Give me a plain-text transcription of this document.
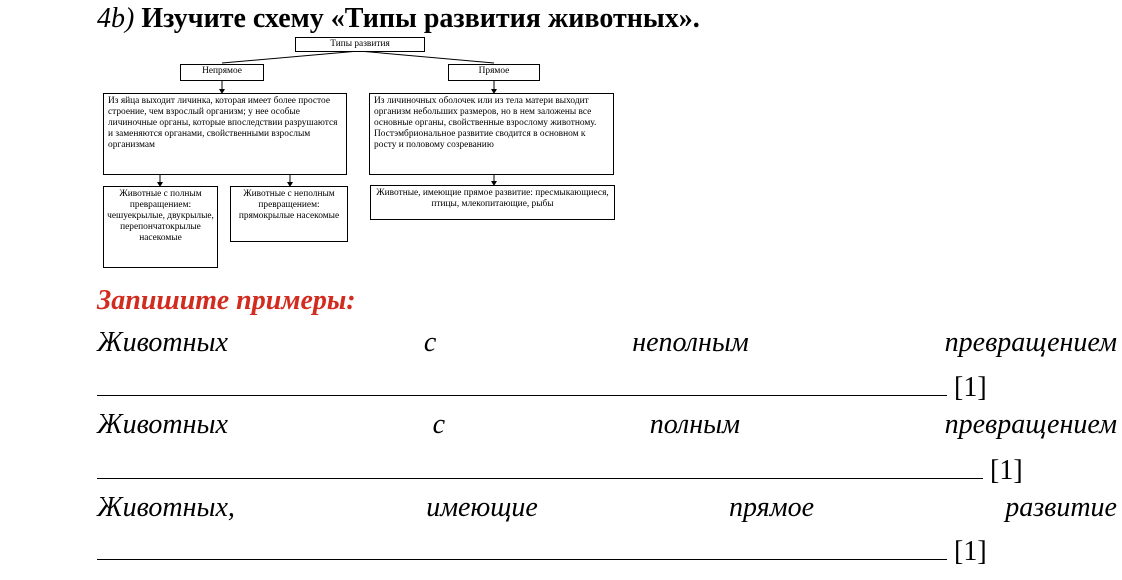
4b) Изучите схему «Типы развития животных».
Типы развития
Непрямое	Прямое
Из яйца выходит личинка, которая имеет более простое строение, чем взрослый организм; у нее особые личиночные органы, которые впоследствии разрушаются и заменяются органами, свойственными взрослым организмам
Из личиночных оболочек или из тела матери выходит организм небольших размеров, но в нем заложены все основные органы, свойственные взрослому животному. Постэмбриональное развитие сводится в основном к росту и половому созреванию
Животные с полным превращением: чешуекрылые, двукрылые, перепончатокрылые насекомые
Животные с неполным превращением: прямокрылые насекомые
Животные, имеющие прямое развитие: пресмыкающиеся, птицы, млекопитающие, рыбы
Запишите примеры:
Животных	с	неполным	превращением
[1]
Животных	с	полным	превращением
[1]
Животных,	имеющие	прямое	развитие
[1]
